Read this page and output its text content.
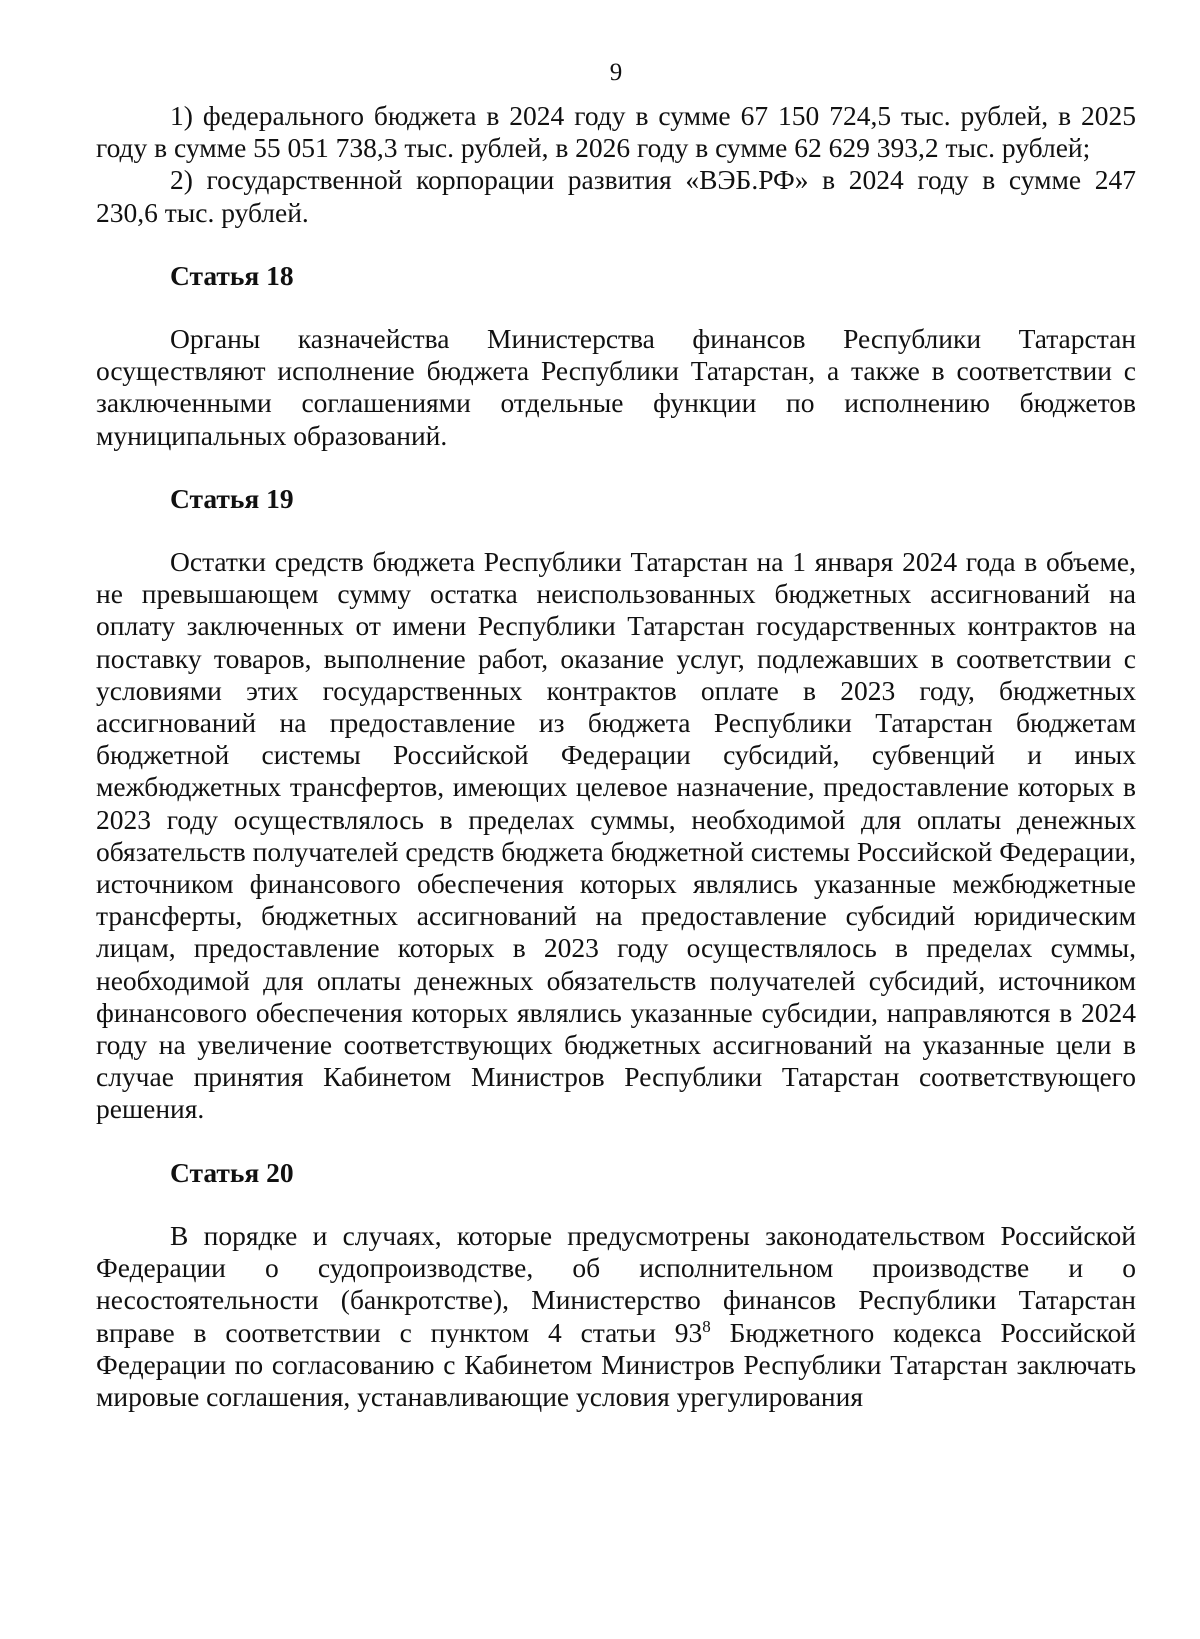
9

1) федерального бюджета в 2024 году в сумме 67 150 724,5 тыс. рублей, в 2025 году в сумме 55 051 738,3 тыс. рублей, в 2026 году в сумме 62 629 393,2 тыс. рублей;

2) государственной корпорации развития «ВЭБ.РФ» в 2024 году в сумме 247 230,6 тыс. рублей.

Статья 18

Органы казначейства Министерства финансов Республики Татарстан осуществляют исполнение бюджета Республики Татарстан, а также в соответствии с заключенными соглашениями отдельные функции по исполнению бюджетов муниципальных образований.

Статья 19

Остатки средств бюджета Республики Татарстан на 1 января 2024 года в объеме, не превышающем сумму остатка неиспользованных бюджетных ассигнований на оплату заключенных от имени Республики Татарстан государственных контрактов на поставку товаров, выполнение работ, оказание услуг, подлежавших в соответствии с условиями этих государственных контрактов оплате в 2023 году, бюджетных ассигнований на предоставление из бюджета Республики Татарстан бюджетам бюджетной системы Российской Федерации субсидий, субвенций и иных межбюджетных трансфертов, имеющих целевое назначение, предоставление которых в 2023 году осуществлялось в пределах суммы, необходимой для оплаты денежных обязательств получателей средств бюджета бюджетной системы Российской Федерации, источником финансового обеспечения которых являлись указанные межбюджетные трансферты, бюджетных ассигнований на предоставление субсидий юридическим лицам, предоставление которых в 2023 году осуществлялось в пределах суммы, необходимой для оплаты денежных обязательств получателей субсидий, источником финансового обеспечения которых являлись указанные субсидии, направляются в 2024 году на увеличение соответствующих бюджетных ассигнований на указанные цели в случае принятия Кабинетом Министров Республики Татарстан соответствующего решения.

Статья 20

В порядке и случаях, которые предусмотрены законодательством Российской Федерации о судопроизводстве, об исполнительном производстве и о несостоятельности (банкротстве), Министерство финансов Республики Татарстан вправе в соответствии с пунктом 4 статьи $93^8$ Бюджетного кодекса Российской Федерации по согласованию с Кабинетом Министров Республики Татарстан заключать мировые соглашения, устанавливающие условия урегулирования
